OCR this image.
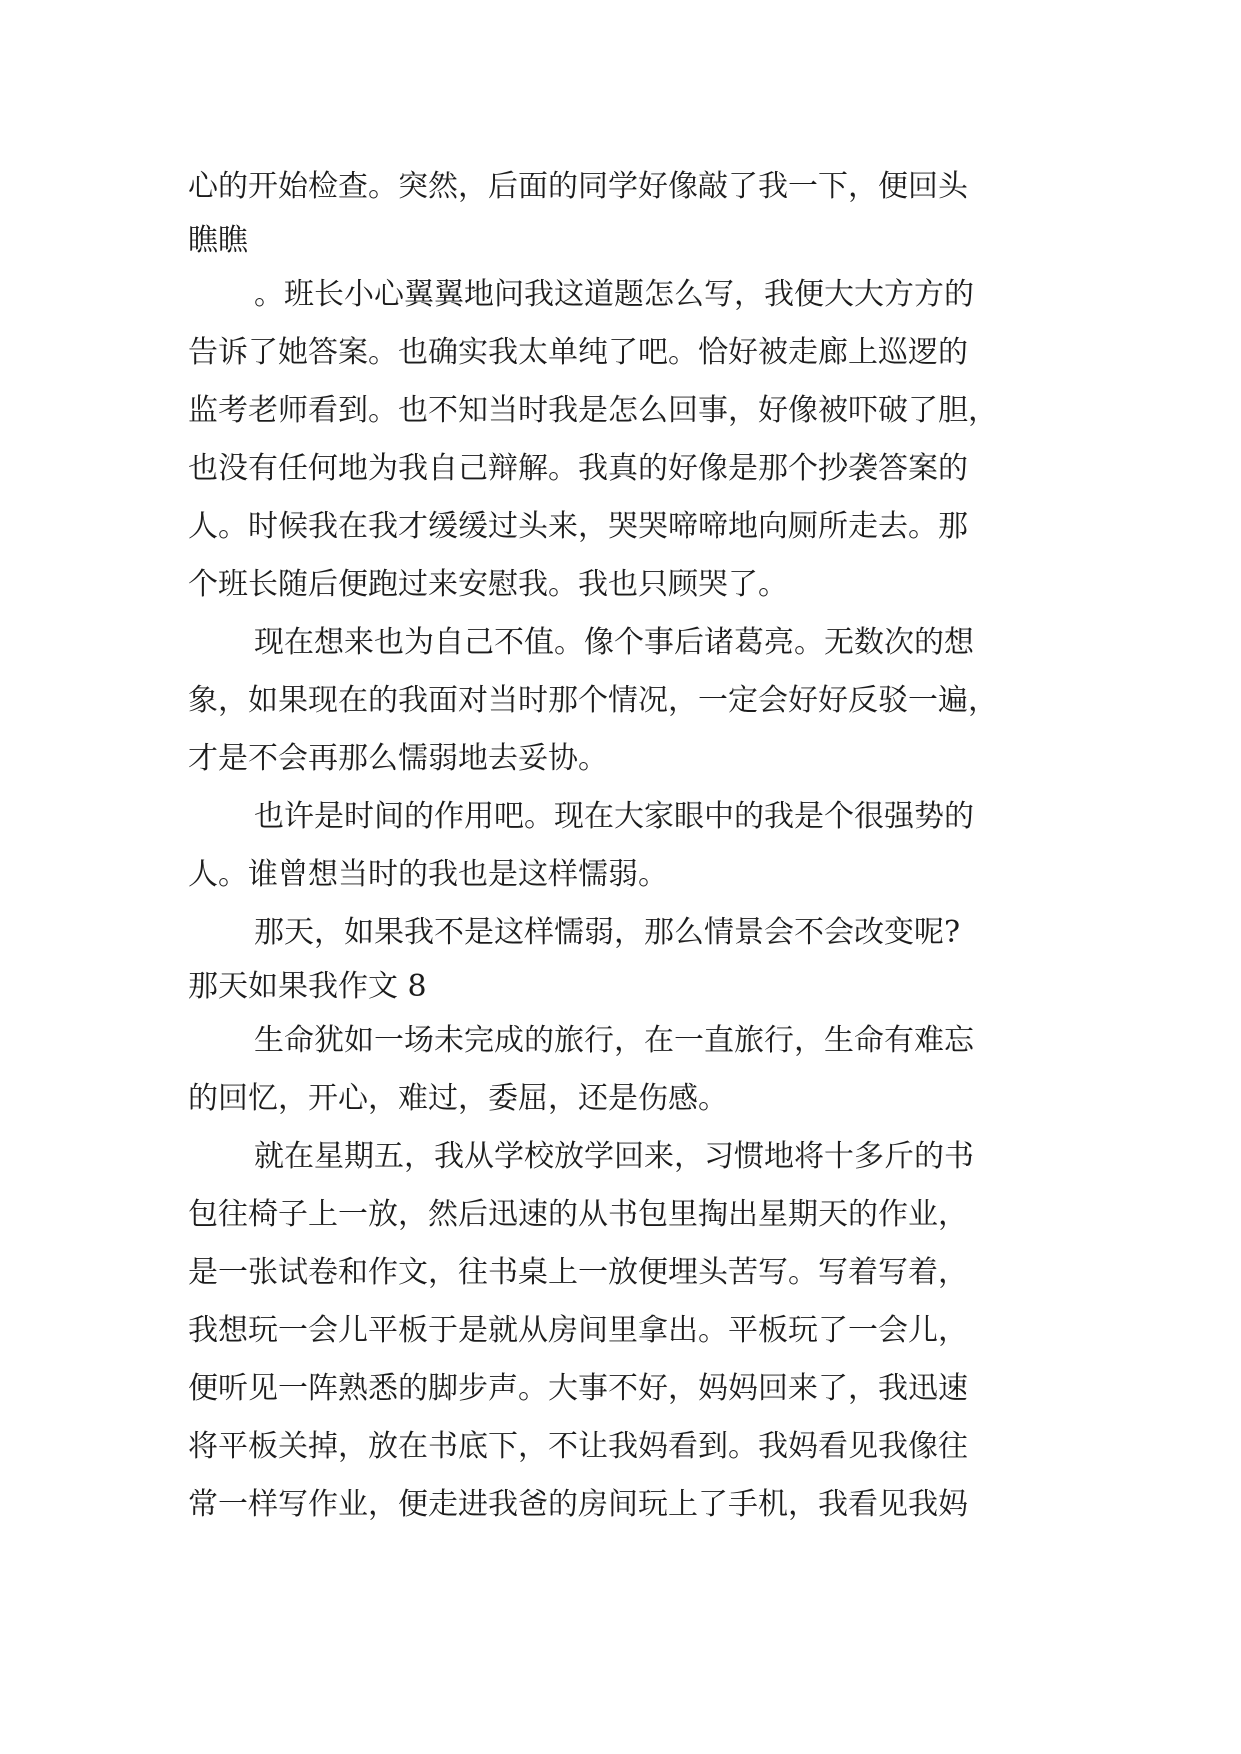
心的开始检查。突然，后面的同学好像敲了我一下，便回头
瞧瞧
。班长小心翼翼地问我这道题怎么写，我便大大方方的
告诉了她答案。也确实我太单纯了吧。恰好被走廊上巡逻的
监考老师看到。也不知当时我是怎么回事，好像被吓破了胆，
也没有任何地为我自己辩解。我真的好像是那个抄袭答案的
人。时候我在我才缓缓过头来，哭哭啼啼地向厕所走去。那
个班长随后便跑过来安慰我。我也只顾哭了。
现在想来也为自己不值。像个事后诸葛亮。无数次的想
象，如果现在的我面对当时那个情况，一定会好好反驳一遍，
才是不会再那么懦弱地去妥协。
也许是时间的作用吧。现在大家眼中的我是个很强势的
人。谁曾想当时的我也是这样懦弱。
那天，如果我不是这样懦弱，那么情景会不会改变呢?
那天如果我作文 8
生命犹如一场未完成的旅行，在一直旅行，生命有难忘
的回忆，开心，难过，委屈，还是伤感。
就在星期五，我从学校放学回来，习惯地将十多斤的书
包往椅子上一放，然后迅速的从书包里掏出星期天的作业，
是一张试卷和作文，往书桌上一放便埋头苦写。写着写着，
我想玩一会儿平板于是就从房间里拿出。平板玩了一会儿，
便听见一阵熟悉的脚步声。大事不好，妈妈回来了，我迅速
将平板关掉，放在书底下，不让我妈看到。我妈看见我像往
常一样写作业，便走进我爸的房间玩上了手机，我看见我妈
